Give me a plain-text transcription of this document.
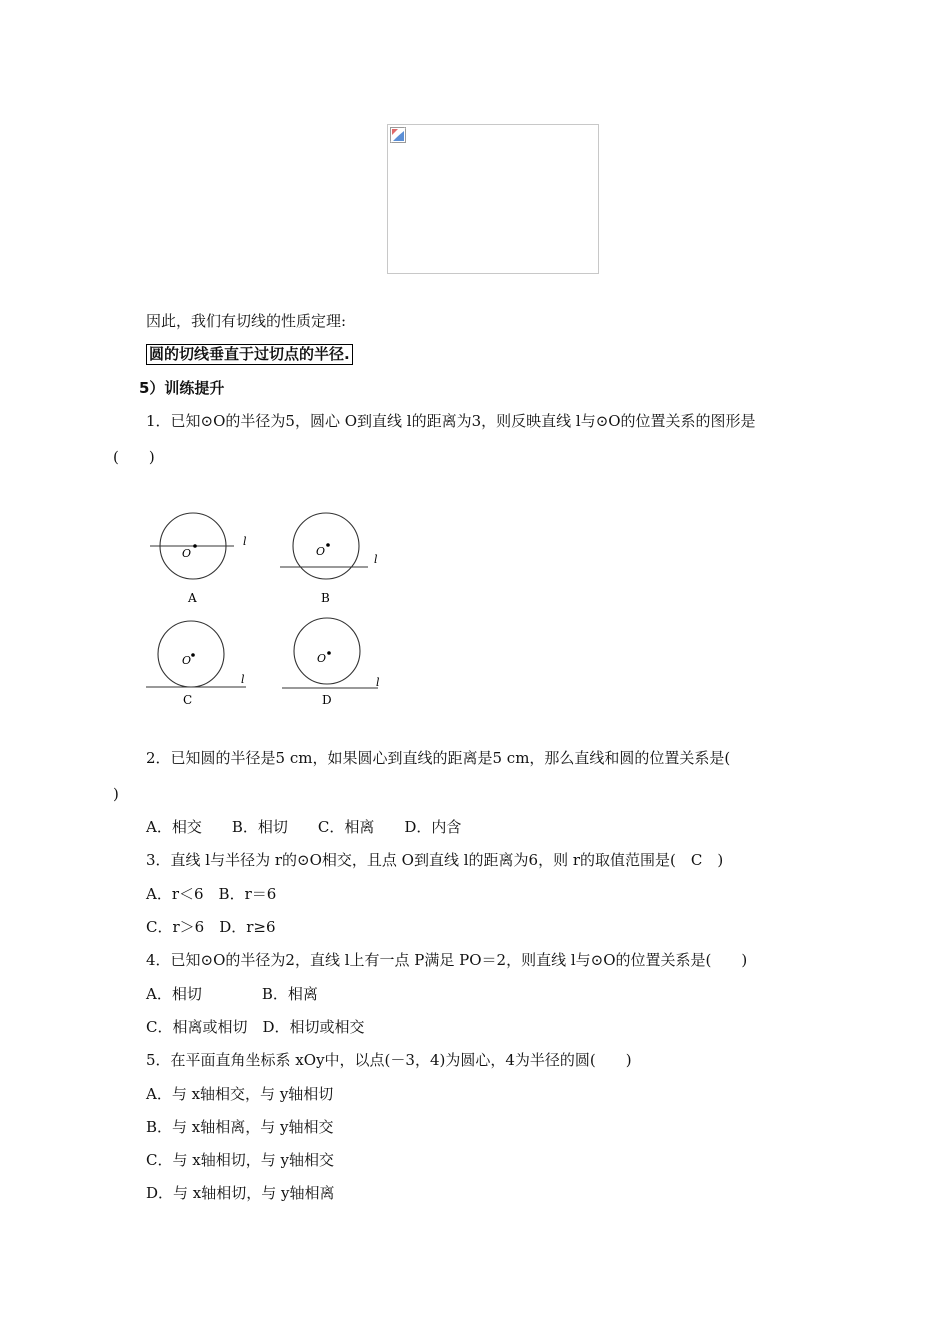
因此，我们有切线的性质定理:
圆的切线垂直于过切点的半径.
5）训练提升
1．已知⊙O的半径为5，圆心 O到直线 l的距离为3，则反映直线 l与⊙O的位置关系的图形是
(　　)
O
l
A
O
l
B
O
l
C
O
l
D
2．已知圆的半径是5 cm，如果圆心到直线的距离是5 cm，那么直线和圆的位置关系是(
)
A．相交　　B．相切　　C．相离　　D．内含
3．直线 l与半径为 r的⊙O相交，且点 O到直线 l的距离为6，则 r的取值范围是(　C　)
A．r＜6　B．r＝6
C．r＞6　D．r≥6
4．已知⊙O的半径为2，直线 l上有一点 P满足 PO＝2，则直线 l与⊙O的位置关系是(　　)
A．相切　　　　B．相离
C．相离或相切　D．相切或相交
5．在平面直角坐标系 xOy中，以点(－3，4)为圆心，4为半径的圆(　　)
A．与 x轴相交，与 y轴相切
B．与 x轴相离，与 y轴相交
C．与 x轴相切，与 y轴相交
D．与 x轴相切，与 y轴相离
